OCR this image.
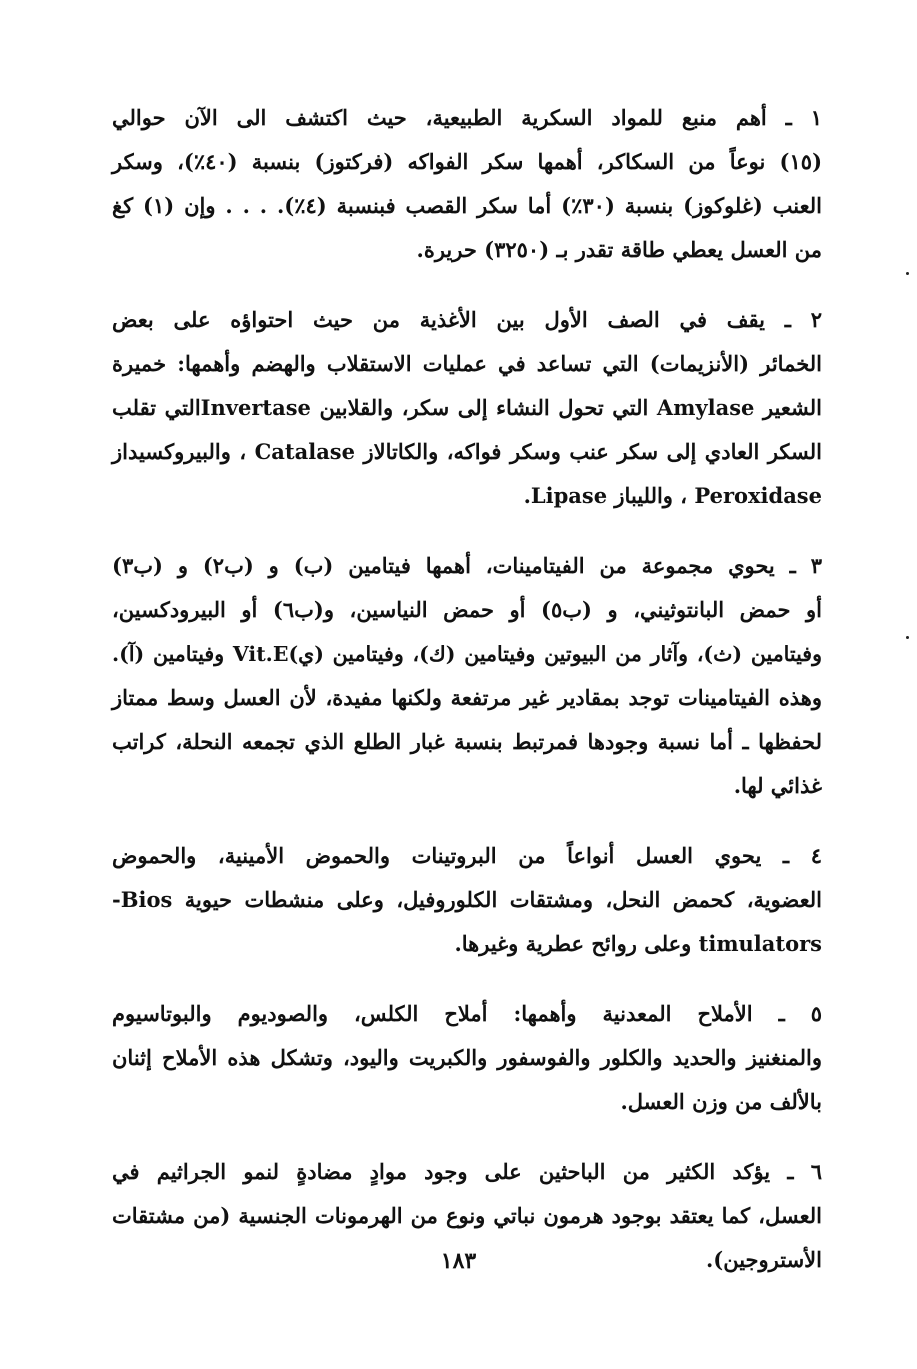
١ ـ أهم منبع للمواد السكرية الطبيعية، حيث اكتشف الى الآن حوالي
(١٥) نوعاً من السكاكر، أهمها سكر الفواكه (فركتوز) بنسبة (٤٠٪)، وسكر
العنب (غلوكوز) بنسبة (٣٠٪) أما سكر القصب فبنسبة (٤٪). . . . وإن (١) كغ
من العسل يعطي طاقة تقدر بـ (٣٢٥٠) حريرة.
٢ ـ يقف في الصف الأول بين الأغذية من حيث احتواؤه على بعض
الخمائر (الأنزيمات) التي تساعد في عمليات الاستقلاب والهضم وأهمها: خميرة
الشعير Amylase التي تحول النشاء إلى سكر، والقلابين Invertaseالتي تقلب
السكر العادي إلى سكر عنب وسكر فواكه، والكاتالاز Catalase ، والبيروكسيداز
Peroxidase ، والليباز Lipase.
٣ ـ يحوي مجموعة من الفيتامينات، أهمها فيتامين (ب) و (ب٢) و (ب٣)
أو حمض البانتوثيني، و (ب٥) أو حمض النياسين، و(ب٦) أو البيرودكسين،
وفيتامين (ث)، وآثار من البيوتين وفيتامين (ك)، وفيتامين (ي)Vit.E وفيتامين (آ).
وهذه الفيتامينات توجد بمقادير غير مرتفعة ولكنها مفيدة، لأن العسل وسط ممتاز
لحفظها ـ أما نسبة وجودها فمرتبط بنسبة غبار الطلع الذي تجمعه النحلة، كراتب
غذائي لها.
٤ ـ يحوي العسل أنواعاً من البروتينات والحموض الأمينية، والحموض
العضوية، كحمض النحل، ومشتقات الكلوروفيل، وعلى منشطات حيوية Bios-
timulators وعلى روائح عطرية وغيرها.
٥ ـ الأملاح المعدنية وأهمها: أملاح الكلس، والصوديوم والبوتاسيوم
والمنغنيز والحديد والكلور والفوسفور والكبريت واليود، وتشكل هذه الأملاح إثنان
بالألف من وزن العسل.
٦ ـ يؤكد الكثير من الباحثين على وجود موادٍ مضادةٍ لنمو الجراثيم في
العسل، كما يعتقد بوجود هرمون نباتي ونوع من الهرمونات الجنسية (من مشتقات
الأستروجين).
١٨٣
